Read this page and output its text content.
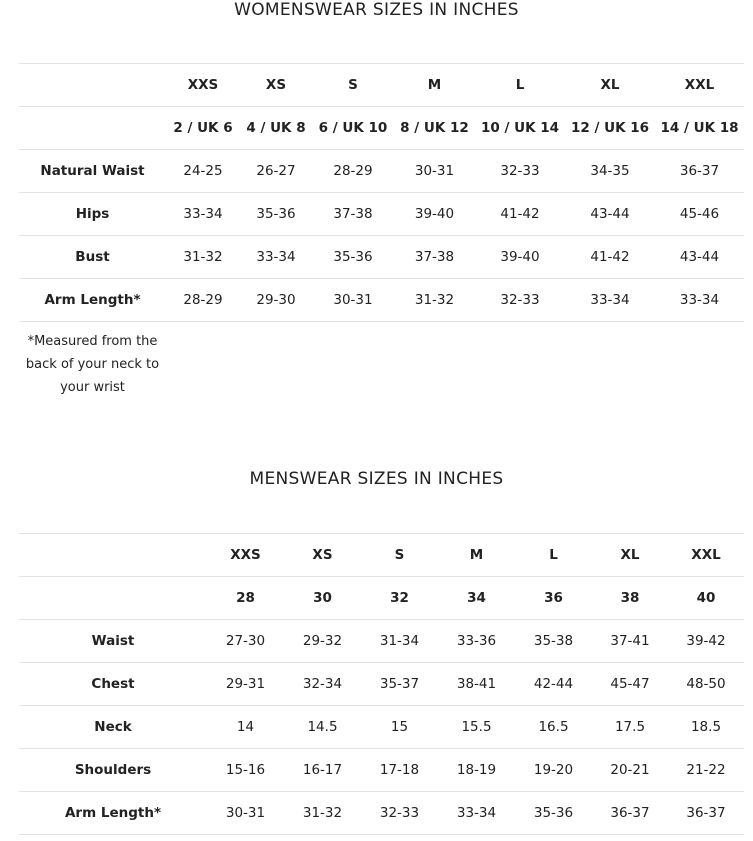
WOMENSWEAR SIZES IN INCHES
	XXS	XS	S	M	L	XL	XXL
	2 / UK 6	4 / UK 8	6 / UK 10	8 / UK 12	10 / UK 14	12 / UK 16	14 / UK 18
Natural Waist	24-25	26-27	28-29	30-31	32-33	34-35	36-37
Hips	33-34	35-36	37-38	39-40	41-42	43-44	45-46
Bust	31-32	33-34	35-36	37-38	39-40	41-42	43-44
Arm Length*	28-29	29-30	30-31	31-32	32-33	33-34	33-34
*Measured from the back of your neck to your wrist
MENSWEAR SIZES IN INCHES
	XXS	XS	S	M	L	XL	XXL
	28	30	32	34	36	38	40
Waist	27-30	29-32	31-34	33-36	35-38	37-41	39-42
Chest	29-31	32-34	35-37	38-41	42-44	45-47	48-50
Neck	14	14.5	15	15.5	16.5	17.5	18.5
Shoulders	15-16	16-17	17-18	18-19	19-20	20-21	21-22
Arm Length*	30-31	31-32	32-33	33-34	35-36	36-37	36-37
